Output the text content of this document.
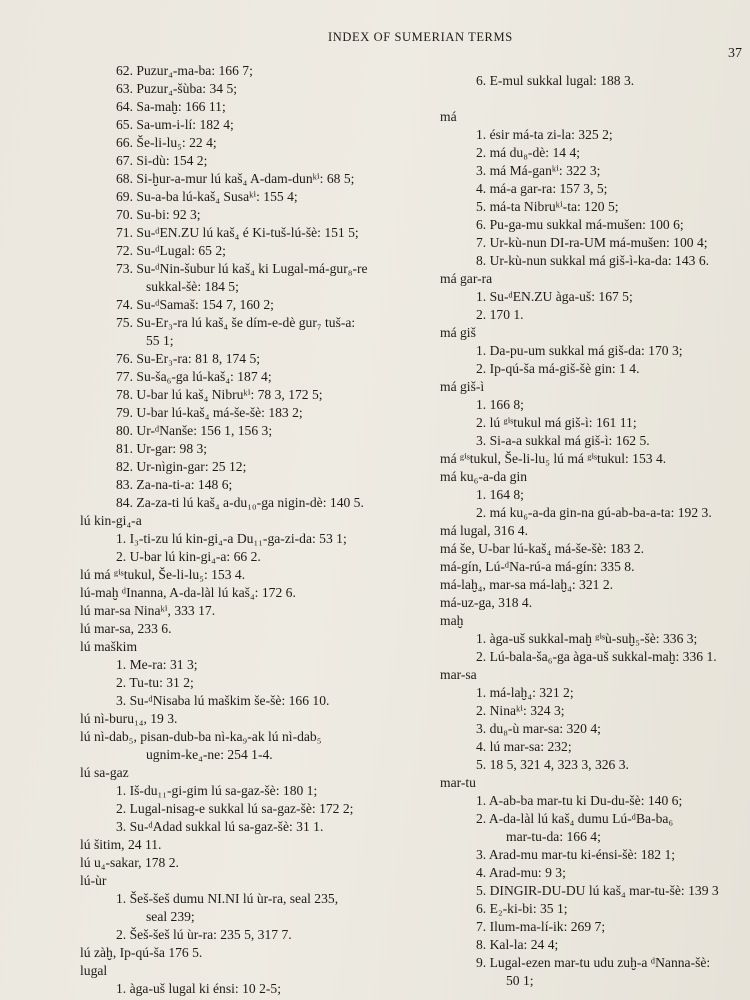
INDEX OF SUMERIAN TERMS
37
62. Puzur₄-ma-ba: 166 7;
63. Puzur₄-šùba: 34 5;
64. Sa-maḫ: 166 11;
65. Sa-um-i-lí: 182 4;
66. Še-li-lu₅: 22 4;
67. Si-dù: 154 2;
68. Si-ḫur-a-mur lú kaš₄ A-dam-dunᵏⁱ: 68 5;
69. Su-a-ba lú-kaš₄ Susaᵏⁱ: 155 4;
70. Su-bi: 92 3;
71. Su-ᵈEN.ZU lú kaš₄ é Ki-tuš-lú-šè: 151 5;
72. Su-ᵈLugal: 65 2;
73. Su-ᵈNin-šubur lú kaš₄ ki Lugal-má-gur₈-re
sukkal-šè: 184 5;
74. Su-ᵈSamaš: 154 7, 160 2;
75. Su-Er₃-ra lú kaš₄ še dím-e-dè gur₇ tuš-a:
55 1;
76. Su-Er₃-ra: 81 8, 174 5;
77. Su-ša₆-ga lú-kaš₄: 187 4;
78. U-bar lú kaš₄ Nibruᵏⁱ: 78 3, 172 5;
79. U-bar lú-kaš₄ má-še-šè: 183 2;
80. Ur-ᵈNanše: 156 1, 156 3;
81. Ur-gar: 98 3;
82. Ur-nìgin-gar: 25 12;
83. Za-na-ti-a: 148 6;
84. Za-za-ti lú kaš₄ a-du₁₀-ga nigin-dè: 140 5.
lú kin-gi₄-a
1. I₃-ti-zu lú kin-gi₄-a Du₁₁-ga-zi-da: 53 1;
2. U-bar lú kin-gi₄-a: 66 2.
lú má ᵍⁱˢtukul, Še-li-lu₅: 153 4.
lú-maḫ ᵈInanna, A-da-làl lú kaš₄: 172 6.
lú mar-sa Ninaᵏⁱ, 333 17.
lú mar-sa, 233 6.
lú maškim
1. Me-ra: 31 3;
2. Tu-tu: 31 2;
3. Su-ᵈNisaba lú maškim še-šè: 166 10.
lú nì-buru₁₄, 19 3.
lú nì-dab₅, pisan-dub-ba nì-ka₉-ak lú nì-dab₅
ugnim-ke₄-ne: 254 1-4.
lú sa-gaz
1. Iš-du₁₁-gi-gim lú sa-gaz-šè: 180 1;
2. Lugal-nisag-e sukkal lú sa-gaz-šè: 172 2;
3. Su-ᵈAdad sukkal lú sa-gaz-šè: 31 1.
lú šitim, 24 11.
lú u₄-sakar, 178 2.
lú-ùr
1. Šeš-šeš dumu NI.NI lú ùr-ra, seal 235,
seal 239;
2. Šeš-šeš lú ùr-ra: 235 5, 317 7.
lú zàḫ, Ip-qú-ša 176 5.
lugal
1. àga-uš lugal ki énsi: 10 2-5;
6. E-mul sukkal lugal: 188 3.
má
1. ésir má-ta zi-la: 325 2;
2. má du₈-dè: 14 4;
3. má Má-ganᵏⁱ: 322 3;
4. má-a gar-ra: 157 3, 5;
5. má-ta Nibruᵏⁱ-ta: 120 5;
6. Pu-ga-mu sukkal má-mušen: 100 6;
7. Ur-kù-nun DI-ra-UM má-mušen: 100 4;
8. Ur-kù-nun sukkal má giš-ì-ka-da: 143 6.
má gar-ra
1. Su-ᵈEN.ZU àga-uš: 167 5;
2. 170 1.
má giš
1. Da-pu-um sukkal má giš-da: 170 3;
2. Ip-qú-ša má-giš-šè gin: 1 4.
má giš-ì
1. 166 8;
2. lú ᵍⁱˢtukul má giš-ì: 161 11;
3. Si-a-a sukkal má giš-ì: 162 5.
má ᵍⁱˢtukul, Še-li-lu₅ lú má ᵍⁱˢtukul: 153 4.
má ku₆-a-da gin
1. 164 8;
2. má ku₆-a-da gin-na gú-ab-ba-a-ta: 192 3.
má lugal, 316 4.
má še, U-bar lú-kaš₄ má-še-šè: 183 2.
má-gín, Lú-ᵈNa-rú-a má-gín: 335 8.
má-laḫ₄, mar-sa má-laḫ₄: 321 2.
má-uz-ga, 318 4.
maḫ
1. àga-uš sukkal-maḫ ᵍⁱˢù-suḫ₅-šè: 336 3;
2. Lú-bala-ša₆-ga àga-uš sukkal-maḫ: 336 1.
mar-sa
1. má-laḫ₄: 321 2;
2. Ninaᵏⁱ: 324 3;
3. du₈-ù mar-sa: 320 4;
4. lú mar-sa: 232;
5. 18 5, 321 4, 323 3, 326 3.
mar-tu
1. A-ab-ba mar-tu ki Du-du-šè: 140 6;
2. A-da-làl lú kaš₄ dumu Lú-ᵈBa-ba₆
mar-tu-da: 166 4;
3. Arad-mu mar-tu ki-énsi-šè: 182 1;
4. Arad-mu: 9 3;
5. DINGIR-DU-DU lú kaš₄ mar-tu-šè: 139 3
6. E₂-ki-bi: 35 1;
7. Ilum-ma-lí-ik: 269 7;
8. Kal-la: 24 4;
9. Lugal-ezen mar-tu udu zuḫ-a ᵈNanna-šè:
50 1;
